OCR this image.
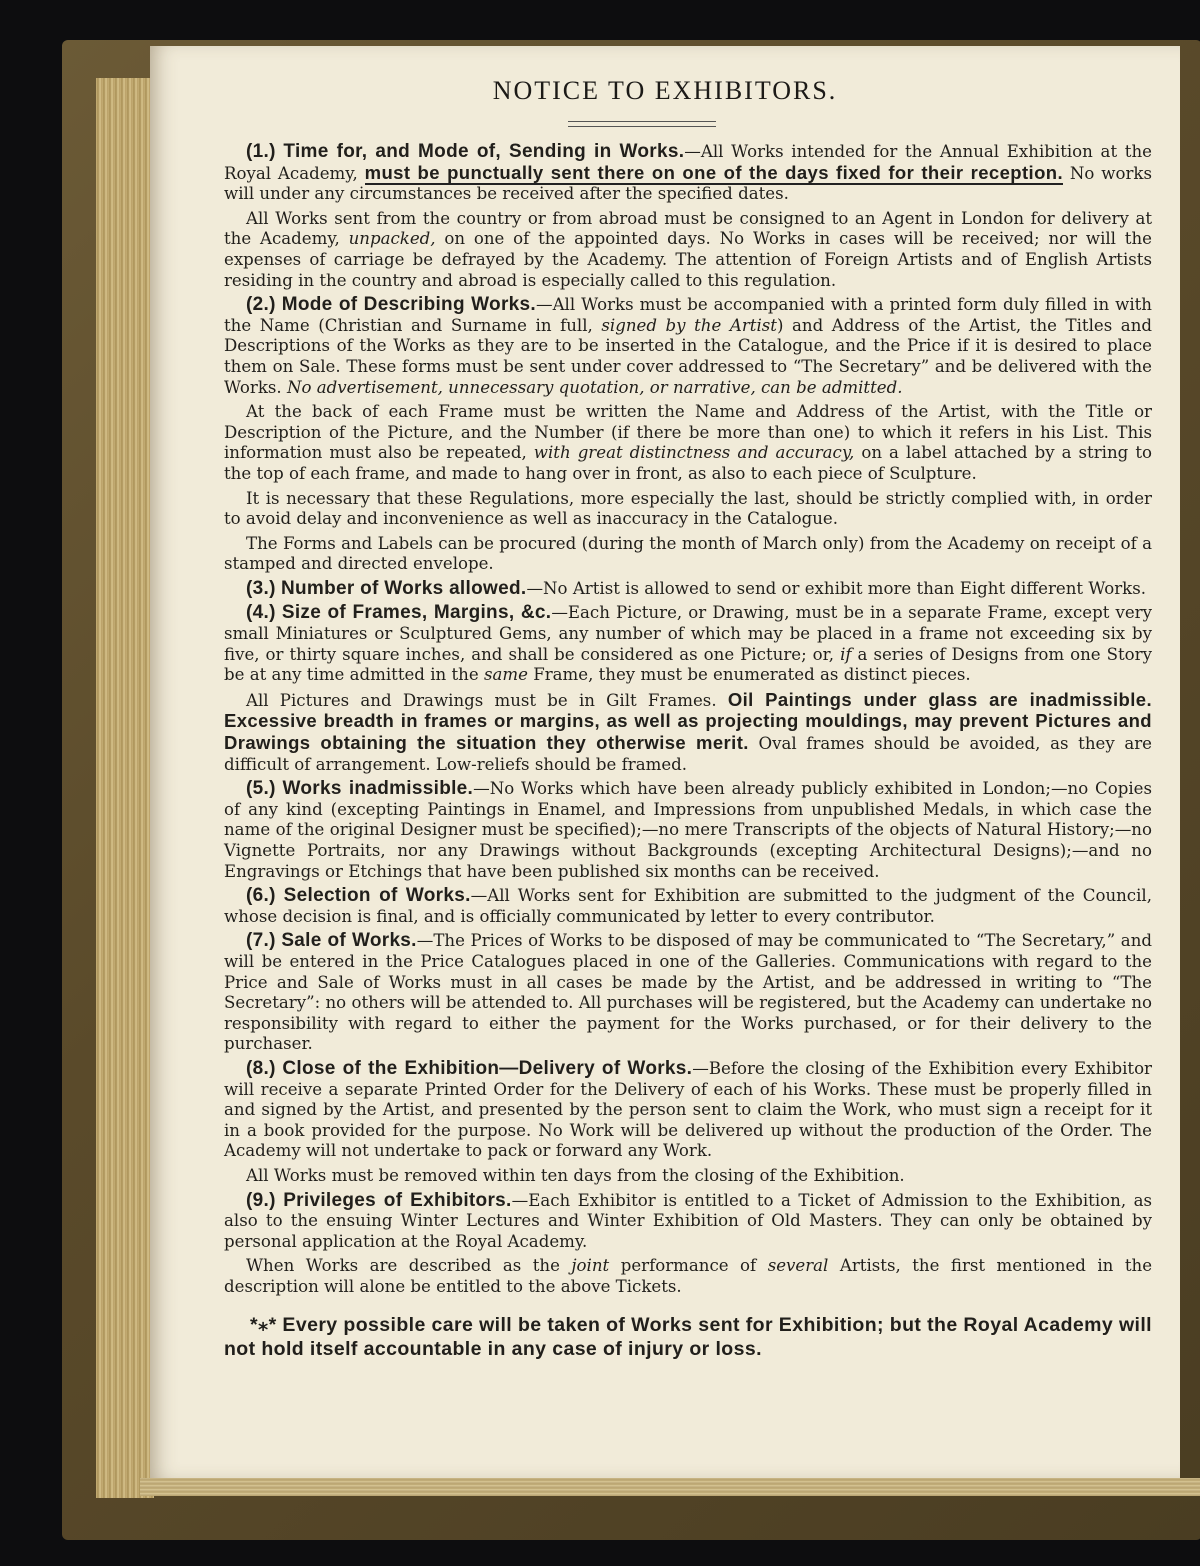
NOTICE TO EXHIBITORS.

(1.) Time for, and Mode of, Sending in Works.—All Works intended for the Annual Exhibition at the Royal Academy, must be punctually sent there on one of the days fixed for their reception. No works will under any circumstances be received after the specified dates.

All Works sent from the country or from abroad must be consigned to an Agent in London for delivery at the Academy, unpacked, on one of the appointed days. No Works in cases will be received; nor will the expenses of carriage be defrayed by the Academy. The attention of Foreign Artists and of English Artists residing in the country and abroad is especially called to this regulation.

(2.) Mode of Describing Works.—All Works must be accompanied with a printed form duly filled in with the Name (Christian and Surname in full, signed by the Artist) and Address of the Artist, the Titles and Descriptions of the Works as they are to be inserted in the Catalogue, and the Price if it is desired to place them on Sale. These forms must be sent under cover addressed to “The Secretary” and be delivered with the Works. No advertisement, unnecessary quotation, or narrative, can be admitted.

At the back of each Frame must be written the Name and Address of the Artist, with the Title or Description of the Picture, and the Number (if there be more than one) to which it refers in his List. This information must also be repeated, with great distinctness and accuracy, on a label attached by a string to the top of each frame, and made to hang over in front, as also to each piece of Sculpture.

It is necessary that these Regulations, more especially the last, should be strictly complied with, in order to avoid delay and inconvenience as well as inaccuracy in the Catalogue.

The Forms and Labels can be procured (during the month of March only) from the Academy on receipt of a stamped and directed envelope.

(3.) Number of Works allowed.—No Artist is allowed to send or exhibit more than Eight different Works.

(4.) Size of Frames, Margins, &c.—Each Picture, or Drawing, must be in a separate Frame, except very small Miniatures or Sculptured Gems, any number of which may be placed in a frame not exceeding six by five, or thirty square inches, and shall be considered as one Picture; or, if a series of Designs from one Story be at any time admitted in the same Frame, they must be enumerated as distinct pieces.

All Pictures and Drawings must be in Gilt Frames. Oil Paintings under glass are inadmissible. Excessive breadth in frames or margins, as well as projecting mouldings, may prevent Pictures and Drawings obtaining the situation they otherwise merit. Oval frames should be avoided, as they are difficult of arrangement. Low-reliefs should be framed.

(5.) Works inadmissible.—No Works which have been already publicly exhibited in London;—no Copies of any kind (excepting Paintings in Enamel, and Impressions from unpublished Medals, in which case the name of the original Designer must be specified);—no mere Transcripts of the objects of Natural History;—no Vignette Portraits, nor any Drawings without Backgrounds (excepting Architectural Designs);—and no Engravings or Etchings that have been published six months can be received.

(6.) Selection of Works.—All Works sent for Exhibition are submitted to the judgment of the Council, whose decision is final, and is officially communicated by letter to every contributor.

(7.) Sale of Works.—The Prices of Works to be disposed of may be communicated to “The Secretary,” and will be entered in the Price Catalogues placed in one of the Galleries. Communications with regard to the Price and Sale of Works must in all cases be made by the Artist, and be addressed in writing to “The Secretary”: no others will be attended to. All purchases will be registered, but the Academy can undertake no responsibility with regard to either the payment for the Works purchased, or for their delivery to the purchaser.

(8.) Close of the Exhibition—Delivery of Works.—Before the closing of the Exhibition every Exhibitor will receive a separate Printed Order for the Delivery of each of his Works. These must be properly filled in and signed by the Artist, and presented by the person sent to claim the Work, who must sign a receipt for it in a book provided for the purpose. No Work will be delivered up without the production of the Order. The Academy will not undertake to pack or forward any Work.

All Works must be removed within ten days from the closing of the Exhibition.

(9.) Privileges of Exhibitors.—Each Exhibitor is entitled to a Ticket of Admission to the Exhibition, as also to the ensuing Winter Lectures and Winter Exhibition of Old Masters. They can only be obtained by personal application at the Royal Academy.

When Works are described as the joint performance of several Artists, the first mentioned in the description will alone be entitled to the above Tickets.

*⁎* Every possible care will be taken of Works sent for Exhibition; but the Royal Academy will not hold itself accountable in any case of injury or loss.
